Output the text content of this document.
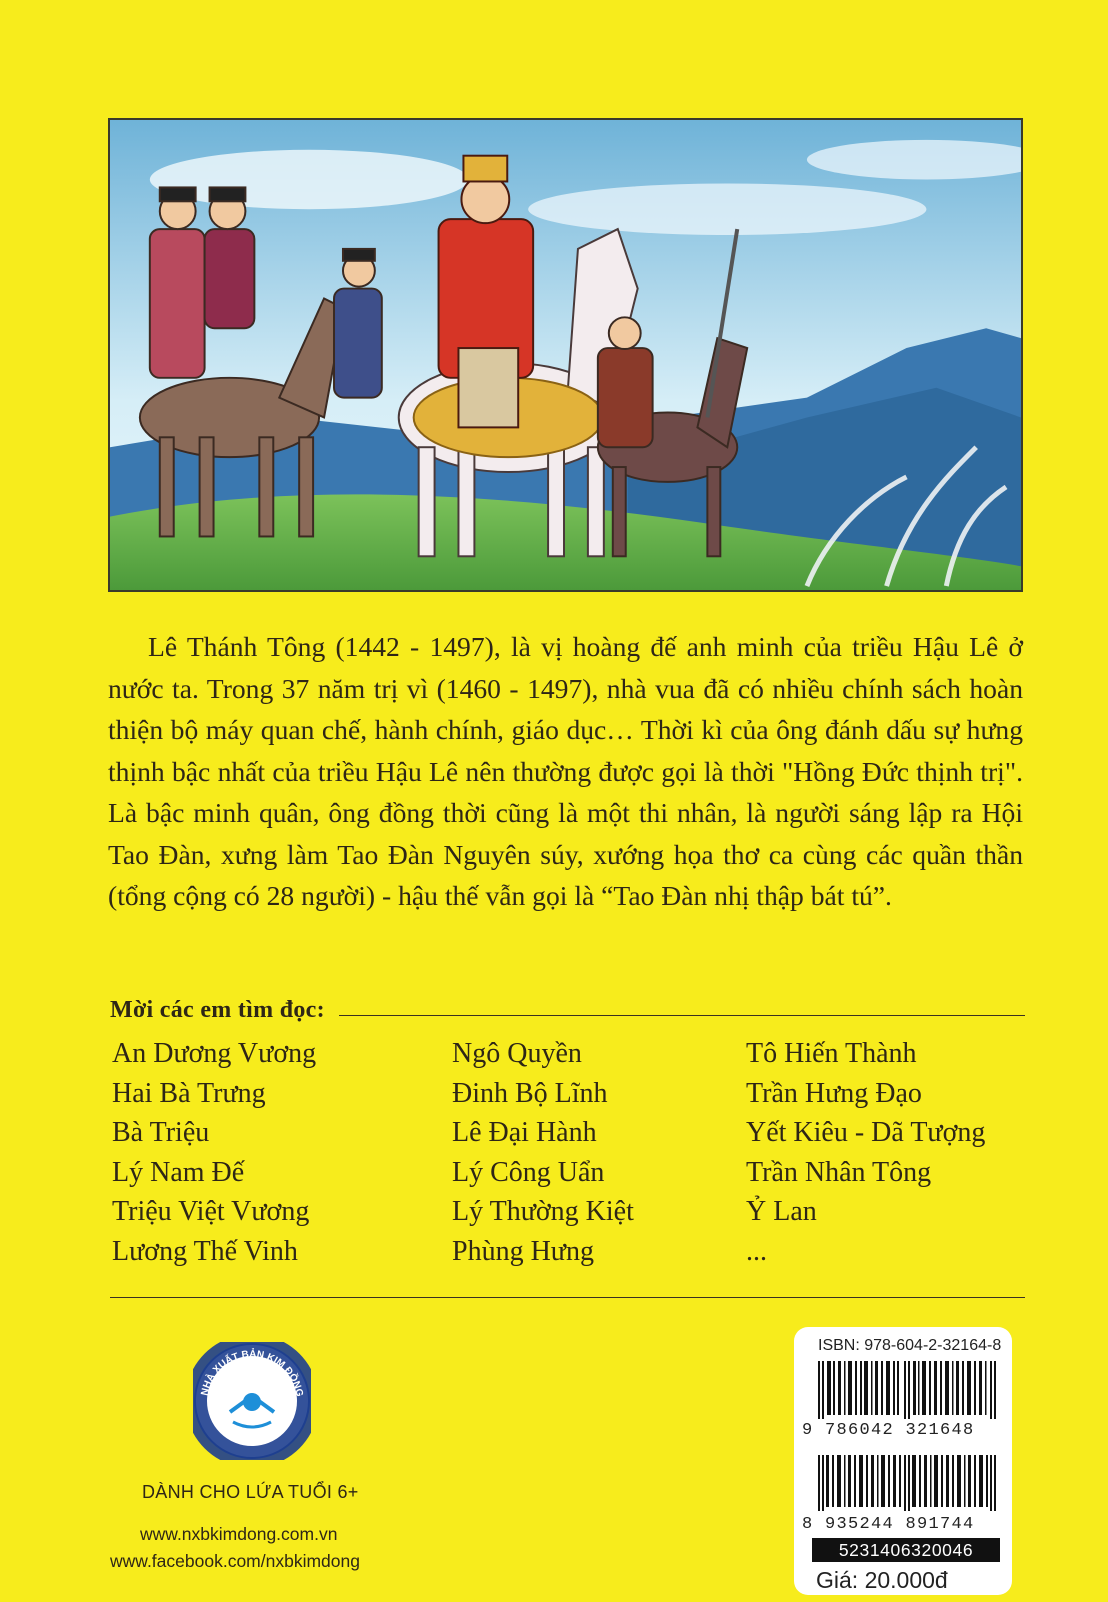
Lê Thánh Tông (1442 - 1497), là vị hoàng đế anh minh của triều Hậu Lê ở nước ta. Trong 37 năm trị vì (1460 - 1497), nhà vua đã có nhiều chính sách hoàn thiện bộ máy quan chế, hành chính, giáo dục… Thời kì của ông đánh dấu sự hưng thịnh bậc nhất của triều Hậu Lê nên thường được gọi là thời "Hồng Đức thịnh trị". Là bậc minh quân, ông đồng thời cũng là một thi nhân, là người sáng lập ra Hội Tao Đàn, xưng làm Tao Đàn Nguyên súy, xướng họa thơ ca cùng các quần thần (tổng cộng có 28 người) - hậu thế vẫn gọi là “Tao Đàn nhị thập bát tú”.

Mời các em tìm đọc:
An Dương Vương
Hai Bà Trưng
Bà Triệu
Lý Nam Đế
Triệu Việt Vương
Lương Thế Vinh
Ngô Quyền
Đinh Bộ Lĩnh
Lê Đại Hành
Lý Công Uẩn
Lý Thường Kiệt
Phùng Hưng
Tô Hiến Thành
Trần Hưng Đạo
Yết Kiêu - Dã Tượng
Trần Nhân Tông
Ỷ Lan
...
NHÀ XUẤT BẢN KIM ĐỒNG
DÀNH CHO LỨA TUỔI 6+
www.nxbkimdong.com.vn
www.facebook.com/nxbkimdong
ISBN: 978-604-2-32164-8
9 786042 321648
8 935244 891744
5231406320046
Giá: 20.000đ
